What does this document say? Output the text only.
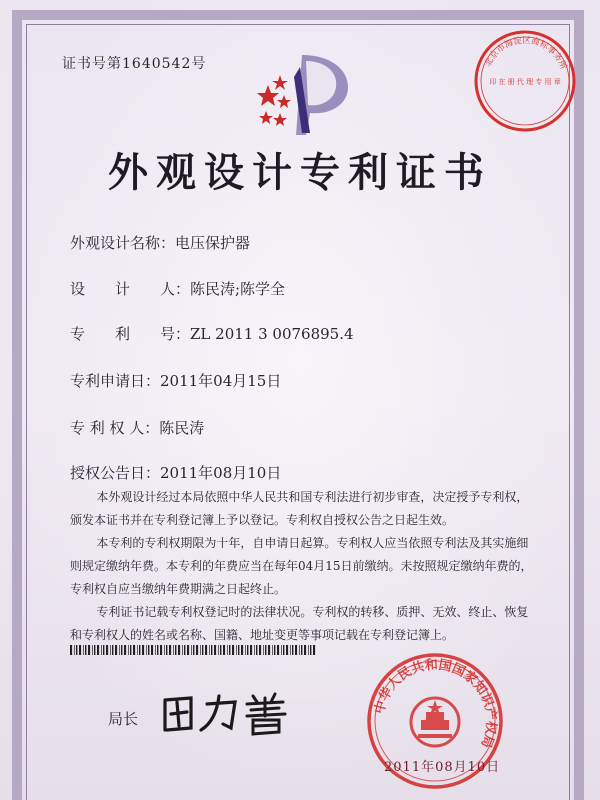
证书号第1640542号	北京市海淀区商标事务所
印 在 册 代 理 专 用 章
外观设计专利证书
外观设计名称：电压保护器
设　　计　　人：陈民涛;陈学全
专　　利　　号：ZL 2011 3 0076895.4
专利申请日：2011年04月15日
专 利 权 人：陈民涛
授权公告日：2011年08月10日

本外观设计经过本局依照中华人民共和国专利法进行初步审查，决定授予专利权，颁发本证书并在专利登记簿上予以登记。专利权自授权公告之日起生效。

本专利的专利权期限为十年，自申请日起算。专利权人应当依照专利法及其实施细则规定缴纳年费。本专利的年费应当在每年04月15日前缴纳。未按照规定缴纳年费的，专利权自应当缴纳年费期满之日起终止。

专利证书记载专利权登记时的法律状况。专利权的转移、质押、无效、终止、恢复和专利权人的姓名或名称、国籍、地址变更等事项记载在专利登记簿上。

局长
中华人民共和国国家知识产权局
2011年08月10日
